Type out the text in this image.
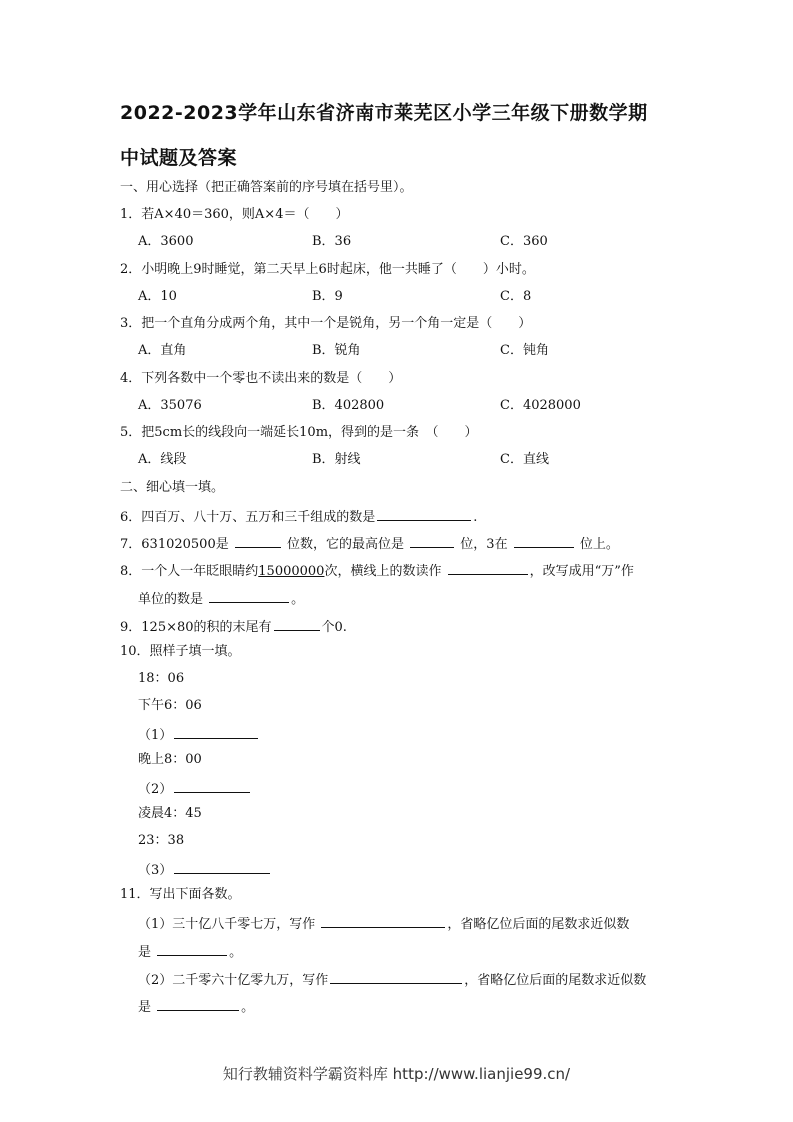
2022-2023学年山东省济南市莱芜区小学三年级下册数学期
中试题及答案
一、用心选择（把正确答案前的序号填在括号里）。
1．若A×40＝360，则A×4＝（　　）
A．3600	B．36	C．360
2．小明晚上9时睡觉，第二天早上6时起床，他一共睡了（　　）小时。
A．10	B．9	C．8
3．把一个直角分成两个角，其中一个是锐角，另一个角一定是（　　）
A．直角	B．锐角	C．钝角
4．下列各数中一个零也不读出来的数是（　　）
A．35076	B．402800	C．4028000
5．把5cm长的线段向一端延长10m，得到的是一条　（　　）
A．线段	B．射线	C．直线
二、细心填一填。
6．四百万、八十万、五万和三千组成的数是	.
7．631020500是	位数，它的最高位是	位，3在	位上。
8．一个人一年眨眼睛约15000000次，横线上的数读作	，改写成用“万”作
单位的数是	。
9．125×80的积的末尾有	个0.
10．照样子填一填。
18：06
下午6：06
（1）
晚上8：00
（2）
凌晨4：45
23：38
（3）
11．写出下面各数。
（1）三十亿八千零七万，写作	，省略亿位后面的尾数求近似数
是	。
（2）二千零六十亿零九万，写作	，省略亿位后面的尾数求近似数
是	。
知行教辅资料学霸资料库 http://www.lianjie99.cn/
